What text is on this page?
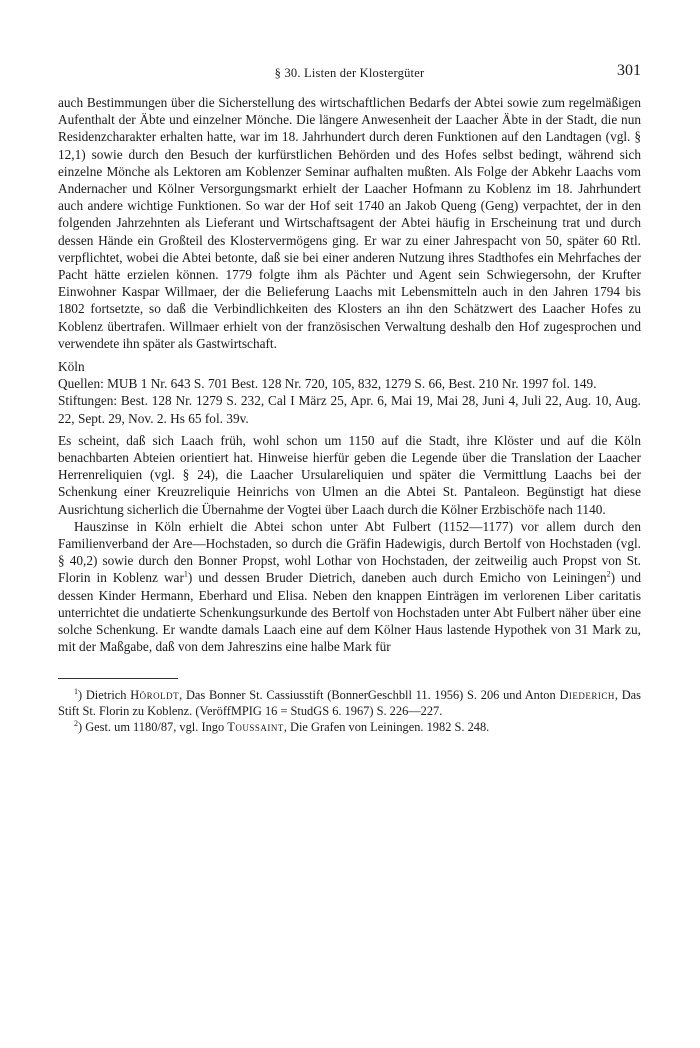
§ 30. Listen der Klostergüter	301

auch Bestimmungen über die Sicherstellung des wirtschaftlichen Bedarfs der Abtei sowie zum regelmäßigen Aufenthalt der Äbte und einzelner Mönche. Die längere Anwesenheit der Laacher Äbte in der Stadt, die nun Residenzcharakter erhalten hatte, war im 18. Jahrhundert durch deren Funktionen auf den Landtagen (vgl. § 12,1) sowie durch den Besuch der kurfürstlichen Behörden und des Hofes selbst bedingt, während sich einzelne Mönche als Lektoren am Koblenzer Seminar aufhalten mußten. Als Folge der Abkehr Laachs vom Andernacher und Kölner Versorgungsmarkt erhielt der Laacher Hofmann zu Koblenz im 18. Jahrhundert auch andere wichtige Funktionen. So war der Hof seit 1740 an Jakob Queng (Geng) verpachtet, der in den folgenden Jahrzehnten als Lieferant und Wirtschaftsagent der Abtei häufig in Erscheinung trat und durch dessen Hände ein Großteil des Klostervermögens ging. Er war zu einer Jahrespacht von 50, später 60 Rtl. verpflichtet, wobei die Abtei betonte, daß sie bei einer anderen Nutzung ihres Stadthofes ein Mehrfaches der Pacht hätte erzielen können. 1779 folgte ihm als Pächter und Agent sein Schwiegersohn, der Krufter Einwohner Kaspar Willmaer, der die Belieferung Laachs mit Lebensmitteln auch in den Jahren 1794 bis 1802 fortsetzte, so daß die Verbindlichkeiten des Klosters an ihn den Schätzwert des Laacher Hofes zu Koblenz übertrafen. Willmaer erhielt von der französischen Verwaltung deshalb den Hof zugesprochen und verwendete ihn später als Gastwirtschaft.

Köln

Quellen: MUB 1 Nr. 643 S. 701 Best. 128 Nr. 720, 105, 832, 1279 S. 66, Best. 210 Nr. 1997 fol. 149.

Stiftungen: Best. 128 Nr. 1279 S. 232, Cal I März 25, Apr. 6, Mai 19, Mai 28, Juni 4, Juli 22, Aug. 10, Aug. 22, Sept. 29, Nov. 2. Hs 65 fol. 39v.

Es scheint, daß sich Laach früh, wohl schon um 1150 auf die Stadt, ihre Klöster und auf die Köln benachbarten Abteien orientiert hat. Hinweise hierfür geben die Legende über die Translation der Laacher Herrenreliquien (vgl. § 24), die Laacher Ursulareliquien und später die Vermittlung Laachs bei der Schenkung einer Kreuzreliquie Heinrichs von Ulmen an die Abtei St. Pantaleon. Begünstigt hat diese Ausrichtung sicherlich die Übernahme der Vogtei über Laach durch die Kölner Erzbischöfe nach 1140.

Hauszinse in Köln erhielt die Abtei schon unter Abt Fulbert (1152—1177) vor allem durch den Familienverband der Are—Hochstaden, so durch die Gräfin Hadewigis, durch Bertolf von Hochstaden (vgl. § 40,2) sowie durch den Bonner Propst, wohl Lothar von Hochstaden, der zeitweilig auch Propst von St. Florin in Koblenz war$^1$) und dessen Bruder Dietrich, daneben auch durch Emicho von Leiningen$^2$) und dessen Kinder Hermann, Eberhard und Elisa. Neben den knappen Einträgen im verlorenen Liber caritatis unterrichtet die undatierte Schenkungsurkunde des Bertolf von Hochstaden unter Abt Fulbert näher über eine solche Schenkung. Er wandte damals Laach eine auf dem Kölner Haus lastende Hypothek von 31 Mark zu, mit der Maßgabe, daß von dem Jahreszins eine halbe Mark für

$^1$) Dietrich Höroldt, Das Bonner St. Cassiusstift (BonnerGeschbll 11. 1956) S. 206 und Anton Diederich, Das Stift St. Florin zu Koblenz. (VeröffMPIG 16 = StudGS 6. 1967) S. 226—227.

$^2$) Gest. um 1180/87, vgl. Ingo Toussaint, Die Grafen von Leiningen. 1982 S. 248.
